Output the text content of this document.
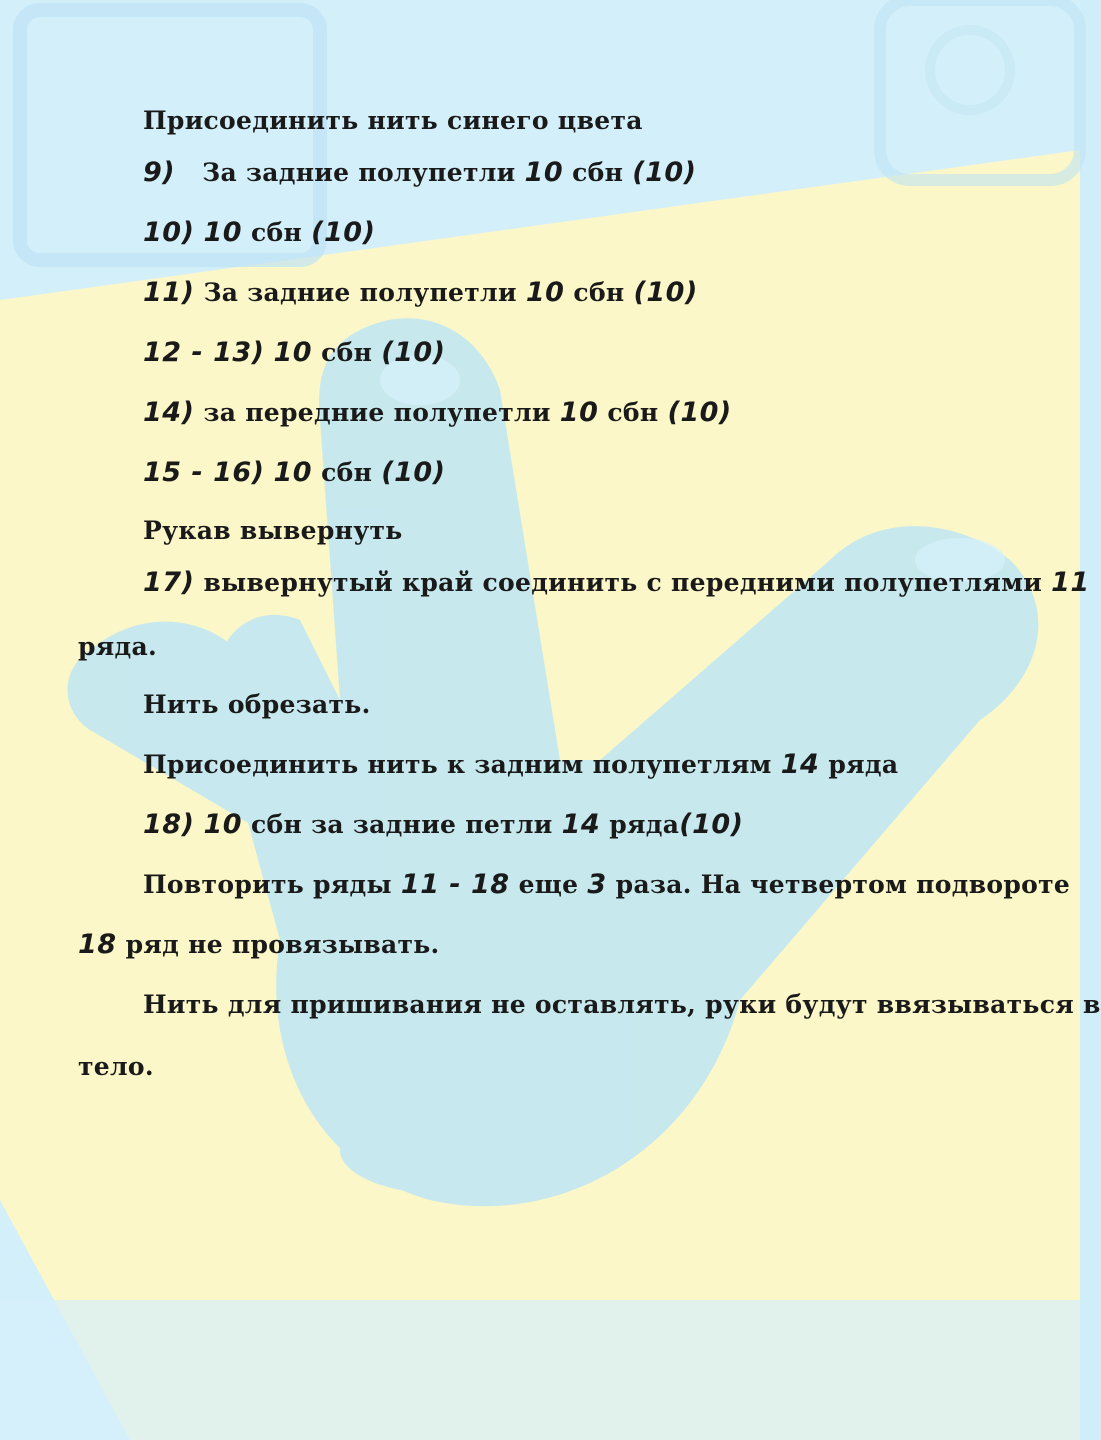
Присоединить нить синего цвета
9) За задние полупетли 10 сбн (10)
10) 10 сбн (10)
11) За задние полупетли 10 сбн (10)
12 - 13) 10 сбн (10)
14) за передние полупетли 10 сбн (10)
15 - 16) 10 сбн (10)
Рукав вывернуть
17) вывернутый край соединить с передними полупетлями 11
ряда.
Нить обрезать.
Присоединить нить к задним полупетлям 14 ряда
18) 10 сбн за задние петли 14 ряда(10)
Повторить ряды 11 - 18 еще 3 раза. На четвертом подвороте
18 ряд не провязывать.
Нить для пришивания не оставлять, руки будут ввязываться в
тело.
